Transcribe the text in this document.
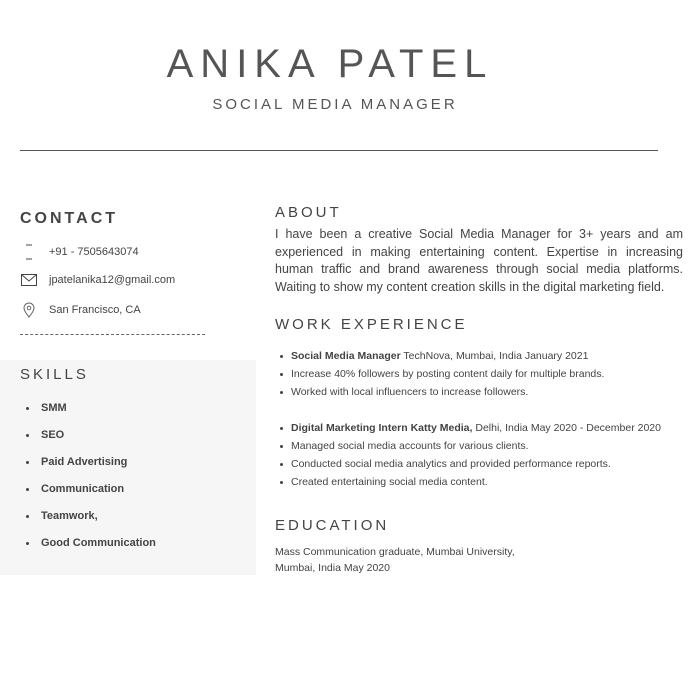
ANIKA PATEL
SOCIAL MEDIA MANAGER
CONTACT
+91 - 7505643074
jpatelanika12@gmail.com
San Francisco, CA
SKILLS
SMM
SEO
Paid Advertising
Communication
Teamwork,
Good Communication
ABOUT
I have been a creative Social Media Manager for 3+ years and am experienced in making entertaining content. Expertise in increasing human traffic and brand awareness through social media platforms. Waiting to show my content creation skills in the digital marketing field.
WORK EXPERIENCE
Social Media Manager TechNova, Mumbai, India January 2021
Increase 40% followers by posting content daily for multiple brands.
Worked with local influencers to increase followers.
Digital Marketing Intern Katty Media, Delhi, India May 2020 - December 2020
Managed social media accounts for various clients.
Conducted social media analytics and provided performance reports.
Created entertaining social media content.
EDUCATION
Mass Communication graduate, Mumbai University,
Mumbai, India May 2020
